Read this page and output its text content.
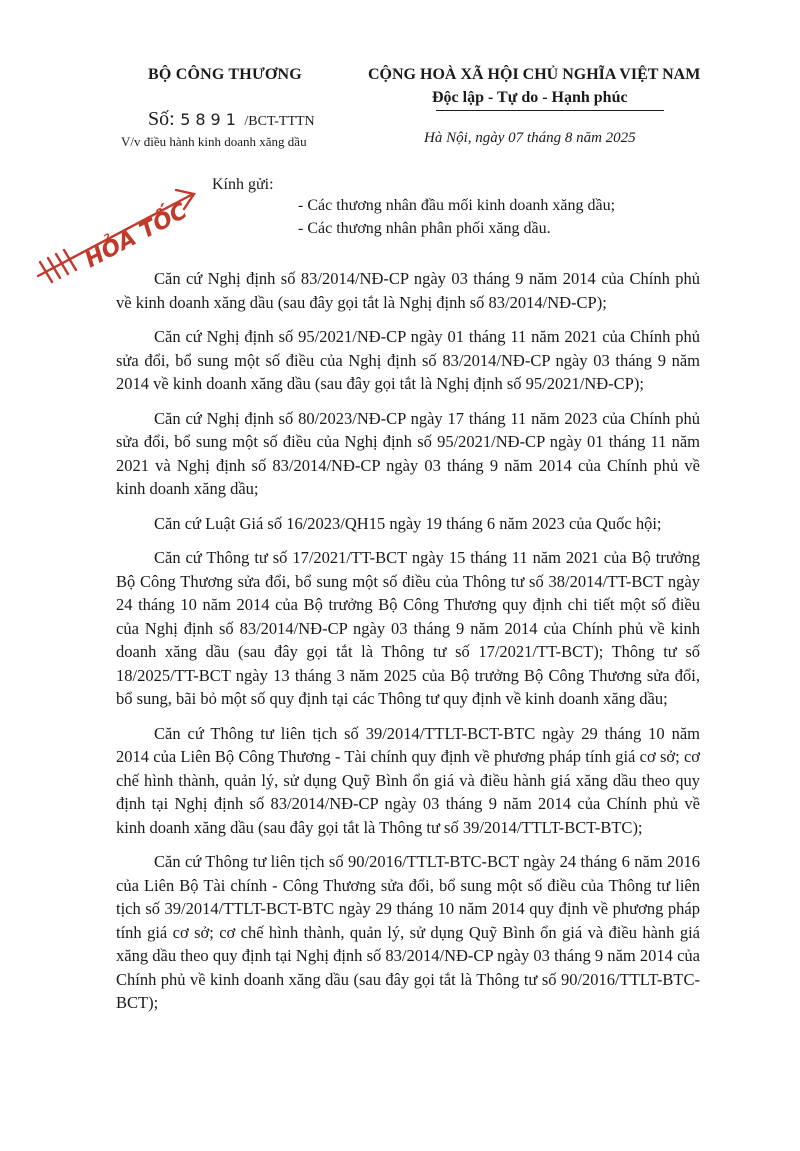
BỘ CÔNG THƯƠNG
Số: 5891 /BCT-TTTN
V/v điều hành kinh doanh xăng dầu
CỘNG HOÀ XÃ HỘI CHỦ NGHĨA VIỆT NAM
Độc lập - Tự do - Hạnh phúc
Hà Nội, ngày 07 tháng 8 năm 2025
HỎA TỐC
Kính gửi:
- Các thương nhân đầu mối kinh doanh xăng dầu;
- Các thương nhân phân phối xăng dầu.

Căn cứ Nghị định số 83/2014/NĐ-CP ngày 03 tháng 9 năm 2014 của Chính phủ về kinh doanh xăng dầu (sau đây gọi tắt là Nghị định số 83/2014/NĐ-CP);

Căn cứ Nghị định số 95/2021/NĐ-CP ngày 01 tháng 11 năm 2021 của Chính phủ sửa đổi, bổ sung một số điều của Nghị định số 83/2014/NĐ-CP ngày 03 tháng 9 năm 2014 về kinh doanh xăng dầu (sau đây gọi tắt là Nghị định số 95/2021/NĐ-CP);

Căn cứ Nghị định số 80/2023/NĐ-CP ngày 17 tháng 11 năm 2023 của Chính phủ sửa đổi, bổ sung một số điều của Nghị định số 95/2021/NĐ-CP ngày 01 tháng 11 năm 2021 và Nghị định số 83/2014/NĐ-CP ngày 03 tháng 9 năm 2014 của Chính phủ về kinh doanh xăng dầu;

Căn cứ Luật Giá số 16/2023/QH15 ngày 19 tháng 6 năm 2023 của Quốc hội;

Căn cứ Thông tư số 17/2021/TT-BCT ngày 15 tháng 11 năm 2021 của Bộ trưởng Bộ Công Thương sửa đổi, bổ sung một số điều của Thông tư số 38/2014/TT-BCT ngày 24 tháng 10 năm 2014 của Bộ trưởng Bộ Công Thương quy định chi tiết một số điều của Nghị định số 83/2014/NĐ-CP ngày 03 tháng 9 năm 2014 của Chính phủ về kinh doanh xăng dầu (sau đây gọi tắt là Thông tư số 17/2021/TT-BCT); Thông tư số 18/2025/TT-BCT ngày 13 tháng 3 năm 2025 của Bộ trưởng Bộ Công Thương sửa đổi, bổ sung, bãi bỏ một số quy định tại các Thông tư quy định về kinh doanh xăng dầu;

Căn cứ Thông tư liên tịch số 39/2014/TTLT-BCT-BTC ngày 29 tháng 10 năm 2014 của Liên Bộ Công Thương - Tài chính quy định về phương pháp tính giá cơ sở; cơ chế hình thành, quản lý, sử dụng Quỹ Bình ổn giá và điều hành giá xăng dầu theo quy định tại Nghị định số 83/2014/NĐ-CP ngày 03 tháng 9 năm 2014 của Chính phủ về kinh doanh xăng dầu (sau đây gọi tắt là Thông tư số 39/2014/TTLT-BCT-BTC);

Căn cứ Thông tư liên tịch số 90/2016/TTLT-BTC-BCT ngày 24 tháng 6 năm 2016 của Liên Bộ Tài chính - Công Thương sửa đổi, bổ sung một số điều của Thông tư liên tịch số 39/2014/TTLT-BCT-BTC ngày 29 tháng 10 năm 2014 quy định về phương pháp tính giá cơ sở; cơ chế hình thành, quản lý, sử dụng Quỹ Bình ổn giá và điều hành giá xăng dầu theo quy định tại Nghị định số 83/2014/NĐ-CP ngày 03 tháng 9 năm 2014 của Chính phủ về kinh doanh xăng dầu (sau đây gọi tắt là Thông tư số 90/2016/TTLT-BTC-BCT);
